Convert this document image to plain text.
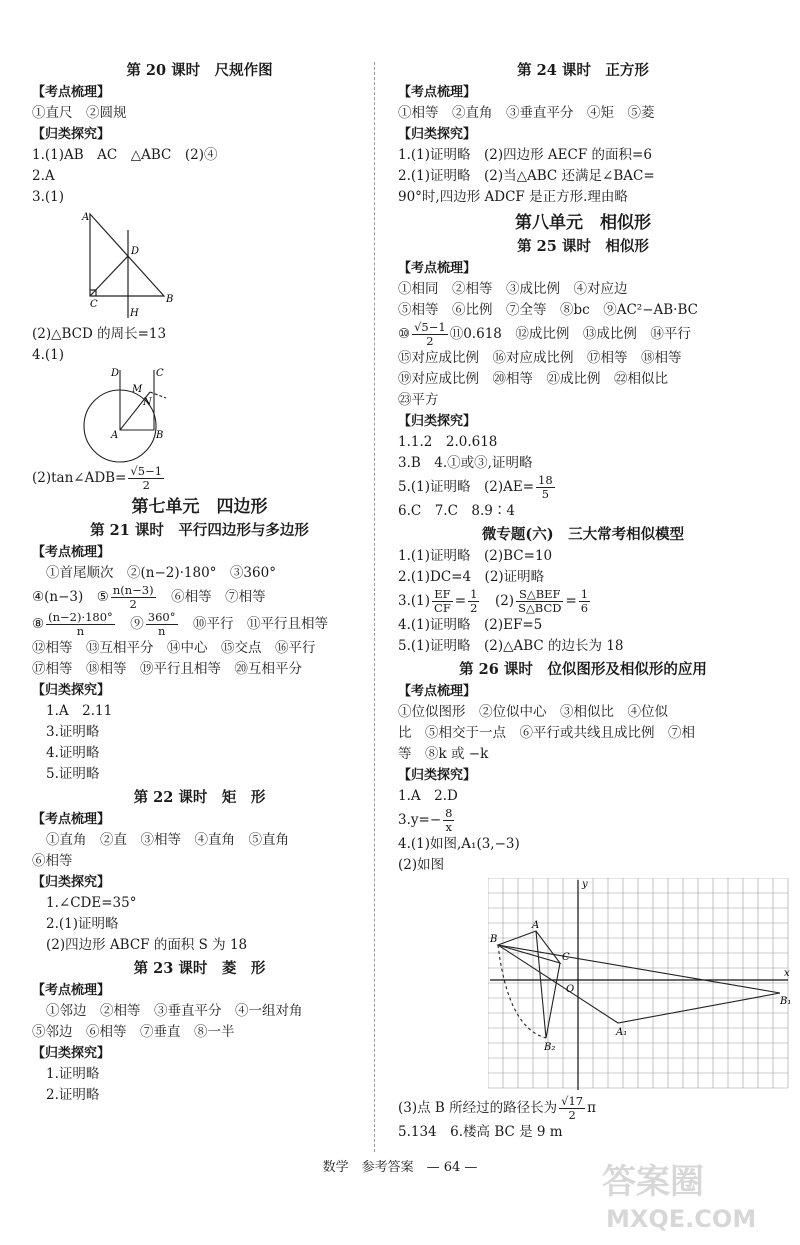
第 20 课时　尺规作图
【考点梳理】
①直尺　②圆规
【归类探究】
1.(1)AB　AC　△ABC　(2)④
2.A
3.(1)
A
D
C	B
H
(2)△BCD 的周长=13
4.(1)
D	C
M
N
A	B
(2)tan∠ADB= $\frac{√5-1}{2}$
第七单元　四边形
第 21 课时　平行四边形与多边形
【考点梳理】
①首尾顺次　②(n−2)·180°　③360°
④(n−3)　⑤ $\frac{n(n-3)}{2}$
　 ⑥相等　⑦相等
⑧ $\frac{(n-2)\cdot 180^\circ}{n}$
　 ⑨ $\frac{360^\circ}{n}$
　 ⑩平行　⑪平行且相等
⑫相等　⑬互相平分　⑭中心　⑮交点　⑯平行
⑰相等　⑱相等　⑲平行且相等　⑳互相平分
【归类探究】
1.A　2.11
3.证明略
4.证明略
5.证明略
第 22 课时　矩　形
【考点梳理】
①直角　②直　③相等　④直角　⑤直角
⑥相等
【归类探究】
1.∠CDE=35°
2.(1)证明略
(2)四边形 ABCF 的面积 S 为 18
第 23 课时　菱　形
【考点梳理】
①邻边　②相等　③垂直平分　④一组对角
⑤邻边　⑥相等　⑦垂直　⑧一半
【归类探究】
1.证明略
2.证明略
第 24 课时　正方形
【考点梳理】
①相等　②直角　③垂直平分　④矩　⑤菱
【归类探究】
1.(1)证明略　(2)四边形 AECF 的面积=6
2.(1)证明略　(2)当△ABC 还满足∠BAC=
90°时,四边形 ADCF 是正方形.理由略
第八单元　相似形
第 25 课时　相似形
【考点梳理】
①相同　②相等　③成比例　④对应边
⑤相等　⑥比例　⑦全等　⑧bc　⑨AC²−AB·BC
⑩ $\frac{√5-1}{2}$ ⑪0.618　⑫成比例　⑬成比例　⑭平行
⑮对应成比例　⑯对应成比例　⑰相等　⑱相等
⑲对应成比例　⑳相等　㉑成比例　㉒相似比
㉓平方
【归类探究】
1.1.2　2.0.618
3.B　4.①或③,证明略
5.(1)证明略　$(2)AE= \frac{18}{5}$
6.C　7.C　8.9∶4
微专题(六)　三大常考相似模型
1.(1)证明略　(2)BC=10
2.(1)DC=4　(2)证明略
$3.(1) \frac{EF}{CF} = \frac{1}{2}$
　 $(2) \frac{\text{S△BEF}}{\text{S△BCD}} = \frac{1}{6}$
4.(1)证明略　(2)EF=5
5.(1)证明略　(2)△ABC 的边长为 18
第 26 课时　位似图形及相似形的应用
【考点梳理】
①位似图形　②位似中心　③相似比　④位似
比　⑤相交于一点　⑥平行或共线且成比例　⑦相
等　⑧k 或 −k
【归类探究】
1.A　2.D
$3.y=- \frac{8}{x}$
4.(1)如图,A₁(3,−3)
(2)如图
y
x
O
A
B
C
A₁
B₁
B₂
(3)点 B 所经过的路径长为 $\frac{√17}{2}$ π
5.134　6.楼高 BC 是 9 m
数学　参考答案　— 64 —	答案圈
MXQE.COM
